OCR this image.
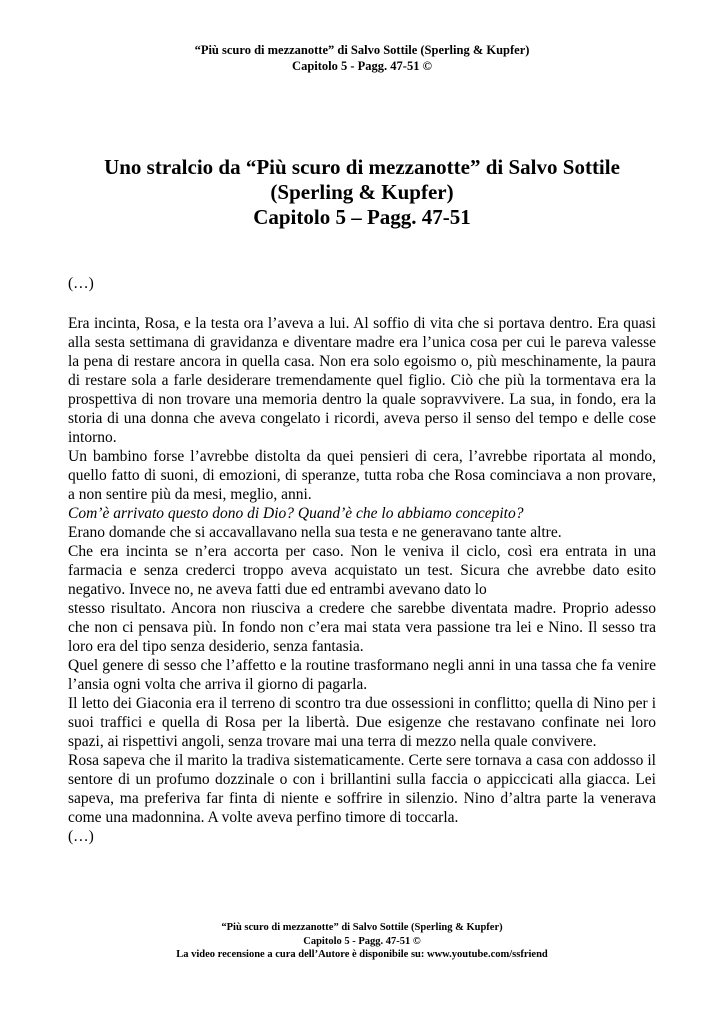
“Più scuro di mezzanotte” di Salvo Sottile (Sperling & Kupfer)
Capitolo 5 - Pagg. 47-51 ©
Uno stralcio da “Più scuro di mezzanotte” di Salvo Sottile
(Sperling & Kupfer)
Capitolo 5 – Pagg. 47-51
(…)

Era incinta, Rosa, e la testa ora l’aveva a lui. Al soffio di vita che si portava dentro. Era quasi alla sesta settimana di gravidanza e diventare madre era l’unica cosa per cui le pareva valesse la pena di restare ancora in quella casa. Non era solo egoismo o, più meschinamente, la paura di restare sola a farle desiderare tremendamente quel figlio. Ciò che più la tormentava era la prospettiva di non trovare una memoria dentro la quale sopravvivere. La sua, in fondo, era la storia di una donna che aveva congelato i ricordi, aveva perso il senso del tempo e delle cose intorno.

Un bambino forse l’avrebbe distolta da quei pensieri di cera, l’avrebbe riportata al mondo, quello fatto di suoni, di emozioni, di speranze, tutta roba che Rosa cominciava a non provare, a non sentire più da mesi, meglio, anni.

Com’è arrivato questo dono di Dio? Quand’è che lo abbiamo concepito?

Erano domande che si accavallavano nella sua testa e ne generavano tante altre.

Che era incinta se n’era accorta per caso. Non le veniva il ciclo, così era entrata in una farmacia e senza crederci troppo aveva acquistato un test. Sicura che avrebbe dato esito negativo. Invece no, ne aveva fatti due ed entrambi avevano dato lo

stesso risultato. Ancora non riusciva a credere che sarebbe diventata madre. Proprio adesso che non ci pensava più. In fondo non c’era mai stata vera passione tra lei e Nino. Il sesso tra loro era del tipo senza desiderio, senza fantasia.

Quel genere di sesso che l’affetto e la routine trasformano negli anni in una tassa che fa venire l’ansia ogni volta che arriva il giorno di pagarla.

Il letto dei Giaconia era il terreno di scontro tra due ossessioni in conflitto; quella di Nino per i suoi traffici e quella di Rosa per la libertà. Due esigenze che restavano confinate nei loro spazi, ai rispettivi angoli, senza trovare mai una terra di mezzo nella quale convivere.

Rosa sapeva che il marito la tradiva sistematicamente. Certe sere tornava a casa con addosso il sentore di un profumo dozzinale o con i brillantini sulla faccia o appiccicati alla giacca. Lei sapeva, ma preferiva far finta di niente e soffrire in silenzio. Nino d’altra parte la venerava come una madonnina. A volte aveva perfino timore di toccarla.

(…)

“Più scuro di mezzanotte” di Salvo Sottile (Sperling & Kupfer)
Capitolo 5 - Pagg. 47-51 ©
La video recensione a cura dell’Autore è disponibile su: www.youtube.com/ssfriend
